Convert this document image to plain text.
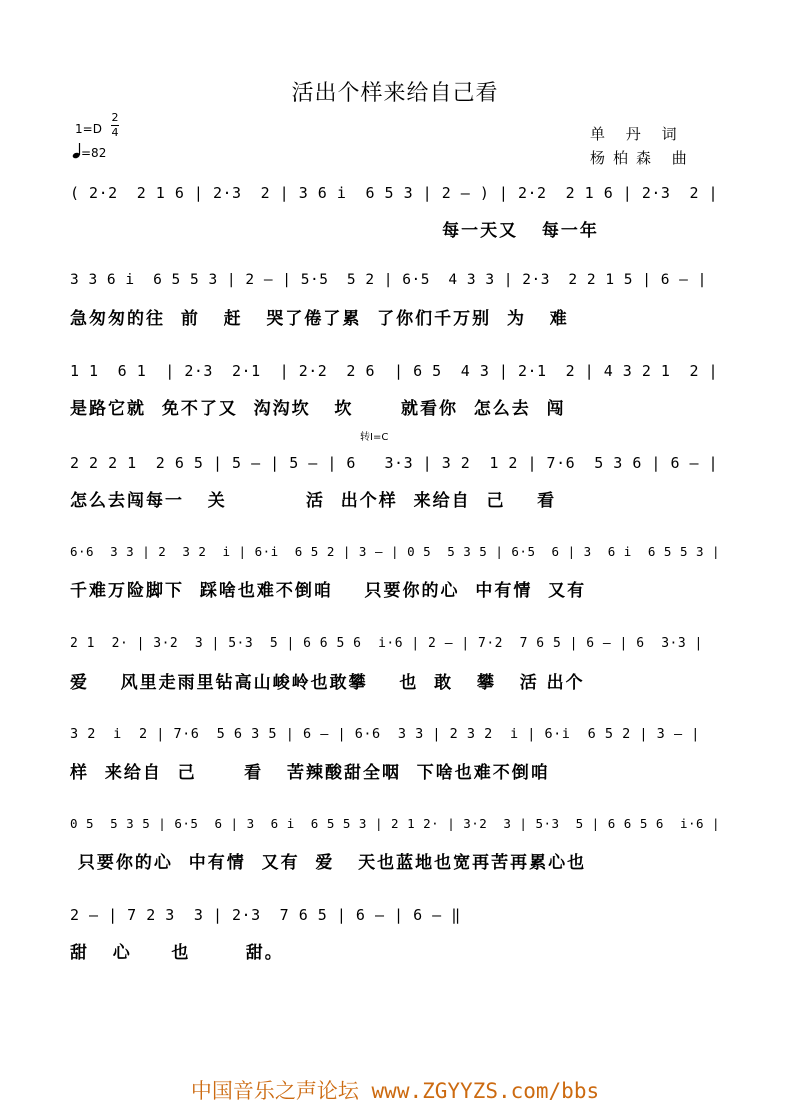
活出个样来给自己看
1=D
2
4
=82
单 丹 词
杨柏森 曲
转I=C
( 2·2  2 1 6 | 2·3  2 | 3 6 i  6 5 3 | 2 – ) | 2·2  2 1 6 | 2·3  2 |
每一天又   每一年
3 3 6 i  6 5 5 3 | 2 – | 5·5  5 2 | 6·5  4 3 3 | 2·3  2 2 1 5 | 6 – |
急匆匆的往  前   赶   哭了倦了累  了你们千万别  为   难
1 1  6 1  | 2·3  2·1  | 2·2  2 6  | 6 5  4 3 | 2·1  2 | 4 3 2 1  2 |
是路它就  免不了又  沟沟坎   坎      就看你  怎么去  闯
2 2 2 1  2 6 5 | 5 – | 5 – | 6   3·3 | 3 2  1 2 | 7·6  5 3 6 | 6 – |
怎么去闯每一   关          活  出个样  来给自  己    看
6·6  3 3 | 2  3 2  i | 6·i  6 5 2 | 3 – | 0 5  5 3 5 | 6·5  6 | 3  6 i  6 5 5 3 |
千难万险脚下  踩啥也难不倒咱    只要你的心  中有情  又有
2 1  2· | 3·2  3 | 5·3  5 | 6 6 5 6  i·6 | 2 – | 7·2  7 6 5 | 6 – | 6  3·3 |
爱    风里走雨里钻高山峻岭也敢攀    也  敢   攀   活 出个
3 2  i  2 | 7·6  5 6 3 5 | 6 – | 6·6  3 3 | 2 3 2  i | 6·i  6 5 2 | 3 – |
样  来给自  己      看   苦辣酸甜全咽  下啥也难不倒咱
0 5  5 3 5 | 6·5  6 | 3  6 i  6 5 5 3 | 2 1 2· | 3·2  3 | 5·3  5 | 6 6 5 6  i·6 |
只要你的心  中有情  又有  爱   天也蓝地也宽再苦再累心也
2 – | 7 2 3  3 | 2·3  7 6 5 | 6 – | 6 – ‖
甜   心     也       甜。
中国音乐之声论坛 www.ZGYYZS.com/bbs
